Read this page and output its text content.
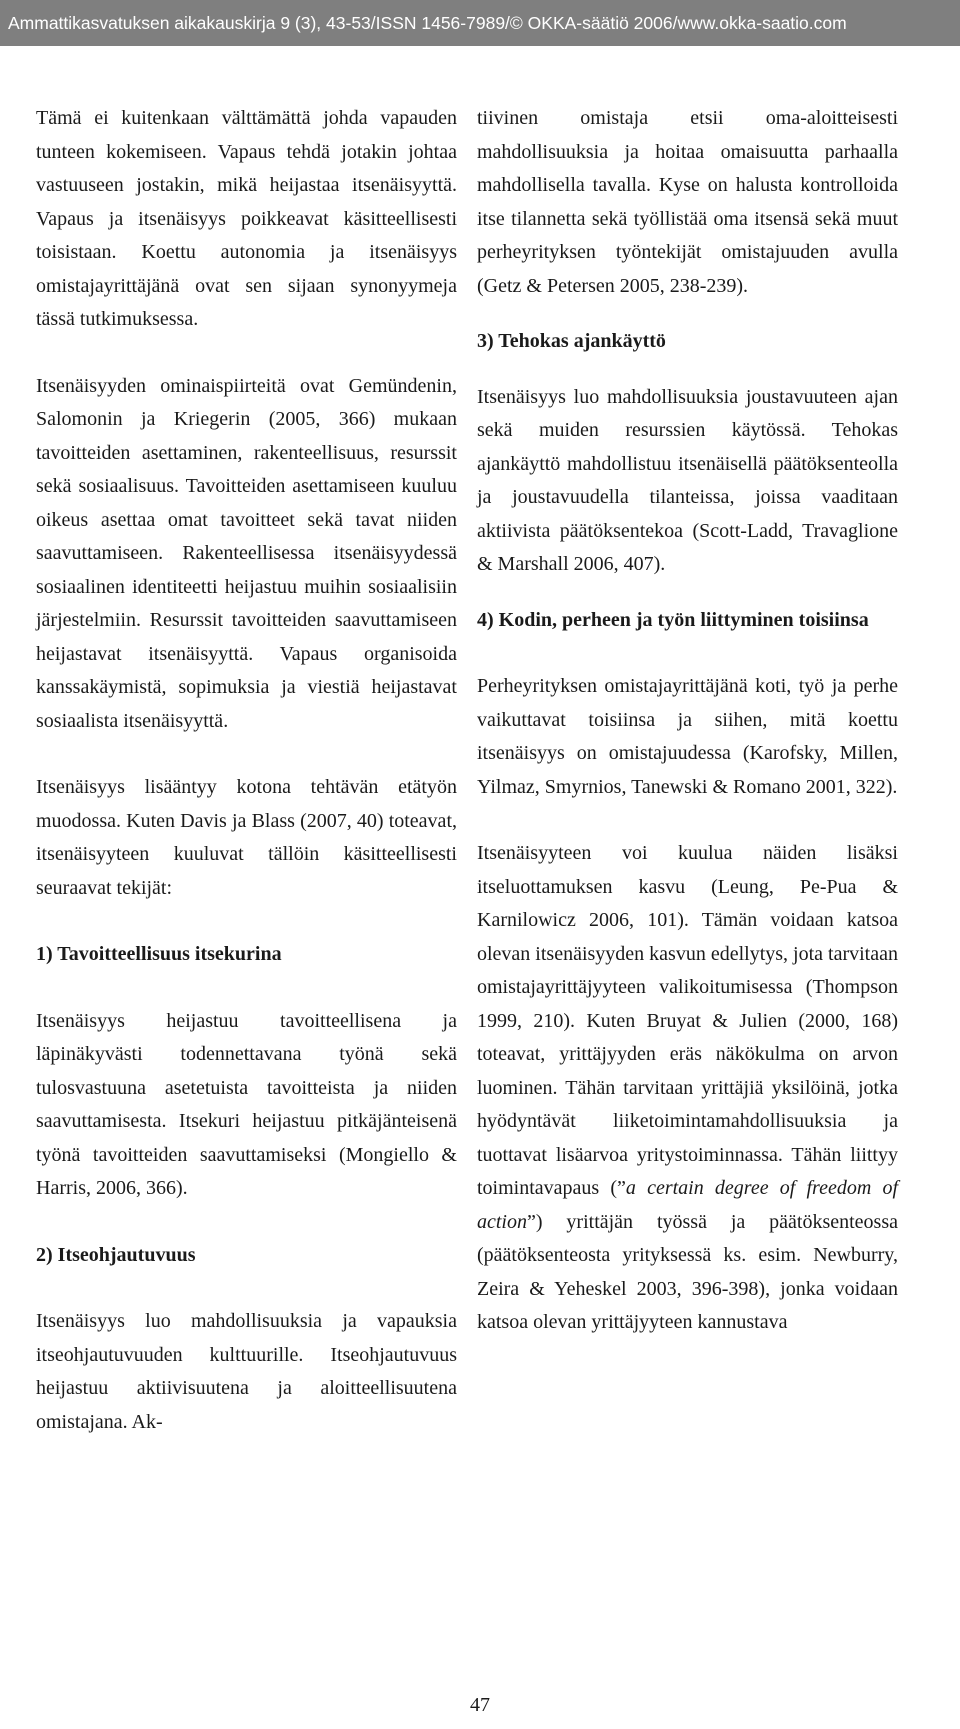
Ammattikasvatuksen aikakauskirja 9 (3), 43-53/ISSN 1456-7989/© OKKA-säätiö 2006/www.okka-saatio.com

Tämä ei kuitenkaan välttämättä johda vapauden tunteen kokemiseen. Vapaus tehdä jotakin johtaa vastuuseen jostakin, mikä heijastaa itsenäisyyttä. Vapaus ja itsenäisyys poikkeavat käsitteellisesti toisistaan. Koettu autonomia ja itsenäisyys omistajayrittäjänä ovat sen sijaan synonyymeja tässä tutkimuksessa.

Itsenäisyyden ominaispiirteitä ovat Gemündenin, Salomonin ja Kriegerin (2005, 366) mukaan tavoitteiden asettaminen, rakenteellisuus, resurssit sekä sosiaalisuus. Tavoitteiden asettamiseen kuuluu oikeus asettaa omat tavoitteet sekä tavat niiden saavuttamiseen. Rakenteellisessa itsenäisyydessä sosiaalinen identiteetti heijastuu muihin sosiaalisiin järjestelmiin. Resurssit tavoitteiden saavuttamiseen heijastavat itsenäisyyttä. Vapaus organisoida kanssakäymistä, sopimuksia ja viestiä heijastavat sosiaalista itsenäisyyttä.

Itsenäisyys lisääntyy kotona tehtävän etätyön muodossa. Kuten Davis ja Blass (2007, 40) toteavat, itsenäisyyteen kuuluvat tällöin käsitteellisesti seuraavat tekijät:

1) Tavoitteellisuus itsekurina

Itsenäisyys heijastuu tavoitteellisena ja läpinäkyvästi todennettavana työnä sekä tulosvastuuna asetetuista tavoitteista ja niiden saavuttamisesta. Itsekuri heijastuu pitkäjänteisenä työnä tavoitteiden saavuttamiseksi (Mongiello & Harris, 2006, 366).

2) Itseohjautuvuus

Itsenäisyys luo mahdollisuuksia ja vapauksia itseohjautuvuuden kulttuurille. Itseohjautuvuus heijastuu aktiivisuutena ja aloitteellisuutena omistajana. Ak-

tiivinen omistaja etsii oma-aloitteisesti mahdollisuuksia ja hoitaa omaisuutta parhaalla mahdollisella tavalla. Kyse on halusta kontrolloida itse tilannetta sekä työllistää oma itsensä sekä muut perheyrityksen työntekijät omistajuuden avulla (Getz & Petersen 2005, 238-239).

3) Tehokas ajankäyttö

Itsenäisyys luo mahdollisuuksia joustavuuteen ajan sekä muiden resurssien käytössä. Tehokas ajankäyttö mahdollistuu itsenäisellä päätöksenteolla ja joustavuudella tilanteissa, joissa vaaditaan aktiivista päätöksentekoa (Scott-Ladd, Travaglione & Marshall 2006, 407).

4) Kodin, perheen ja työn liittyminen toisiinsa

Perheyrityksen omistajayrittäjänä koti, työ ja perhe vaikuttavat toisiinsa ja siihen, mitä koettu itsenäisyys on omistajuudessa (Karofsky, Millen, Yilmaz, Smyrnios, Tanewski & Romano 2001, 322).

Itsenäisyyteen voi kuulua näiden lisäksi itseluottamuksen kasvu (Leung, Pe-Pua & Karnilowicz 2006, 101). Tämän voidaan katsoa olevan itsenäisyyden kasvun edellytys, jota tarvitaan omistajayrittäjyyteen valikoitumisessa (Thompson 1999, 210). Kuten Bruyat & Julien (2000, 168) toteavat, yrittäjyyden eräs näkökulma on arvon luominen. Tähän tarvitaan yrittäjiä yksilöinä, jotka hyödyntävät liiketoimintamahdollisuuksia ja tuottavat lisäarvoa yritystoiminnassa. Tähän liittyy toimintavapaus (”a certain degree of freedom of action”) yrittäjän työssä ja päätöksenteossa (päätöksenteosta yrityksessä ks. esim. Newburry, Zeira & Yeheskel 2003, 396-398), jonka voidaan katsoa olevan yrittäjyyteen kannustava

47
